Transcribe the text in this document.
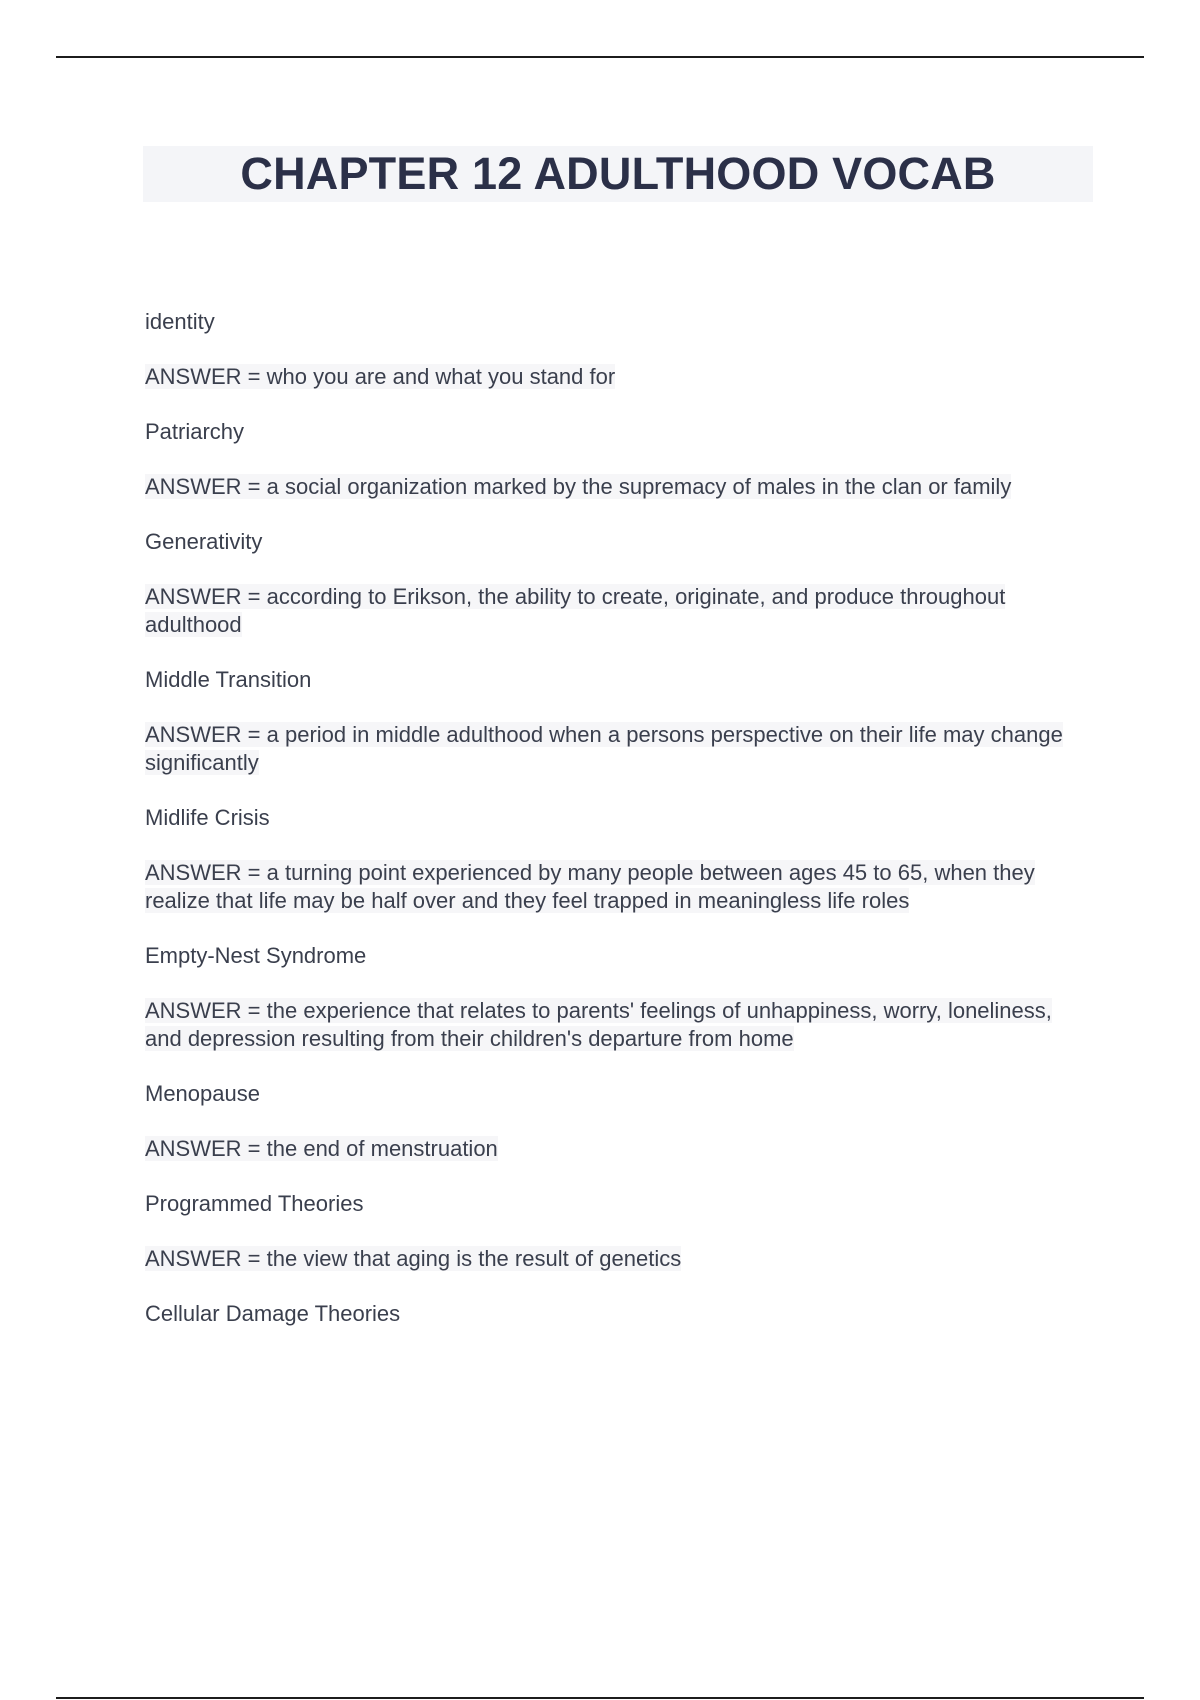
CHAPTER 12 ADULTHOOD VOCAB

identity

ANSWER = who you are and what you stand for

Patriarchy

ANSWER = a social organization marked by the supremacy of males in the clan or family

Generativity

ANSWER = according to Erikson, the ability to create, originate, and produce throughout adulthood

Middle Transition

ANSWER = a period in middle adulthood when a persons perspective on their life may change significantly

Midlife Crisis

ANSWER = a turning point experienced by many people between ages 45 to 65, when they realize that life may be half over and they feel trapped in meaningless life roles

Empty-Nest Syndrome

ANSWER = the experience that relates to parents' feelings of unhappiness, worry, loneliness, and depression resulting from their children's departure from home

Menopause

ANSWER = the end of menstruation

Programmed Theories

ANSWER = the view that aging is the result of genetics

Cellular Damage Theories
